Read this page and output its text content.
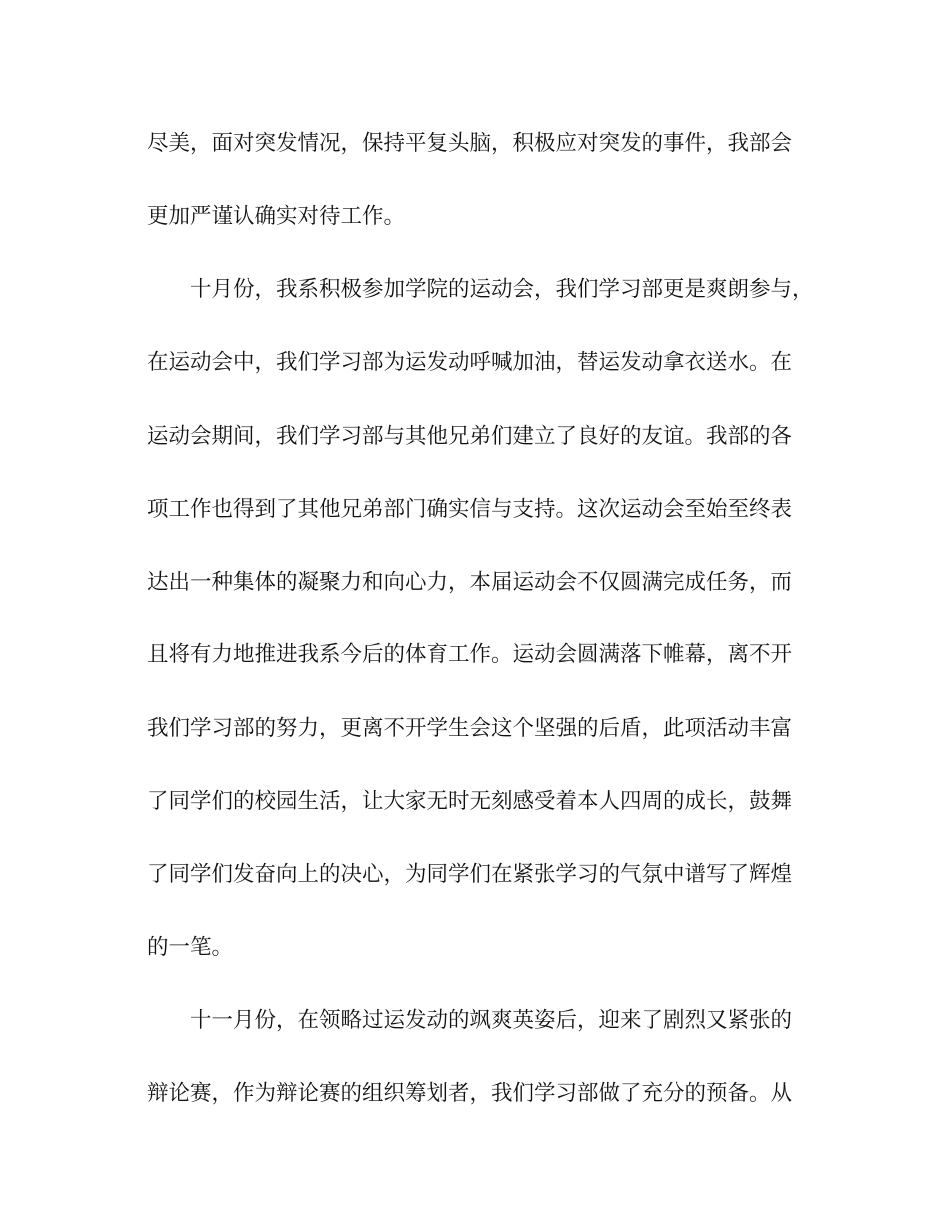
尽美，面对突发情况，保持平复头脑，积极应对突发的事件，我部会
更加严谨认确实对待工作。
十月份，我系积极参加学院的运动会，我们学习部更是爽朗参与，
在运动会中，我们学习部为运发动呼喊加油，替运发动拿衣送水。在
运动会期间，我们学习部与其他兄弟们建立了良好的友谊。我部的各
项工作也得到了其他兄弟部门确实信与支持。这次运动会至始至终表
达出一种集体的凝聚力和向心力，本届运动会不仅圆满完成任务，而
且将有力地推进我系今后的体育工作。运动会圆满落下帷幕，离不开
我们学习部的努力，更离不开学生会这个坚强的后盾，此项活动丰富
了同学们的校园生活，让大家无时无刻感受着本人四周的成长，鼓舞
了同学们发奋向上的决心，为同学们在紧张学习的气氛中谱写了辉煌
的一笔。
十一月份，在领略过运发动的飒爽英姿后，迎来了剧烈又紧张的
辩论赛，作为辩论赛的组织筹划者，我们学习部做了充分的预备。从
